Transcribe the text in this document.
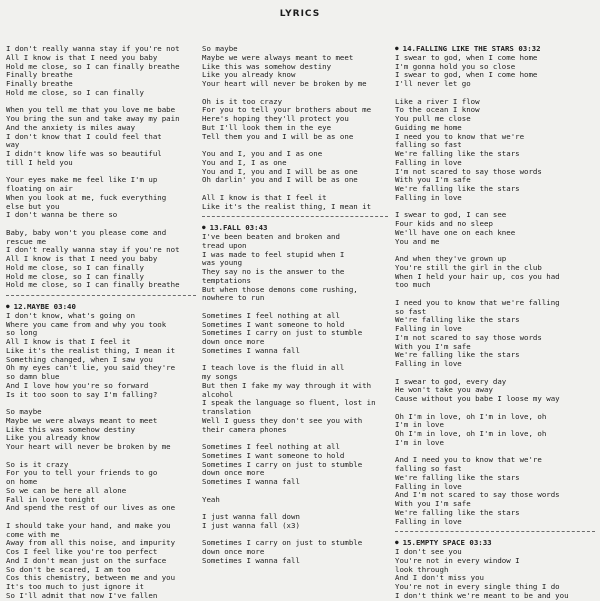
LYRICS
I don't really wanna stay if you're not
All I know is that I need you baby
Hold me close, so I can finally breathe
Finally breathe
Finally breathe
Hold me close, so I can finally
When you tell me that you love me babe
You bring the sun and take away my pain
And the anxiety is miles away
I don't know that I could feel that
way
I didn't know life was so beautiful
till I held you
Your eyes make me feel like I'm up
floating on air
When you look at me, fuck everything
else but you
I don't wanna be there so
Baby, baby won't you please come and
rescue me
I don't really wanna stay if you're not
All I know is that I need you baby
Hold me close, so I can finally
Hold me close, so I can finally
Hold me close, so I can finally breathe
● 12.MAYBE 03:40
I don't know, what's going on
Where you came from and why you took
so long
All I know is that I feel it
Like it's the realist thing, I mean it
Something changed, when I saw you
Oh my eyes can't lie, you said they're
so damn blue
And I love how you're so forward
Is it too soon to say I'm falling?
So maybe
Maybe we were always meant to meet
Like this was somehow destiny
Like you already know
Your heart will never be broken by me
So is it crazy
For you to tell your friends to go
on home
So we can be here all alone
Fall in love tonight
And spend the rest of our lives as one
I should take your hand, and make you
come with me
Away from all this noise, and impurity
Cos I feel like you're too perfect
And I don't mean just on the surface
So don't be scared, I am too
Cos this chemistry, between me and you
It's too much to just ignore it
So I'll admit that now I've fallen
So maybe
Maybe we were always meant to meet
Like this was somehow destiny
Like you already know
Your heart will never be broken by me
Oh is it too crazy
For you to tell your brothers about me
Here's hoping they'll protect you
But I'll look them in the eye
Tell them you and I will be as one
You and I, you and I as one
You and I, I as one
You and I, you and I will be as one
Oh darlin' you and I will be as one
All I know is that I feel it
Like it's the realist thing, I mean it
● 13.FALL 03:43
I've been beaten and broken and
tread upon
I was made to feel stupid when I
was young
They say no is the answer to the
temptations
But when those demons come rushing,
nowhere to run
Sometimes I feel nothing at all
Sometimes I want someone to hold
Sometimes I carry on just to stumble
down once more
Sometimes I wanna fall
I teach love is the fluid in all
my songs
But then I fake my way through it with
alcohol
I speak the language so fluent, lost in
translation
Well I guess they don't see you with
their camera phones
Sometimes I feel nothing at all
Sometimes I want someone to hold
Sometimes I carry on just to stumble
down once more
Sometimes I wanna fall
Yeah
I just wanna fall down
I just wanna fall (x3)
Sometimes I carry on just to stumble
down once more
Sometimes I wanna fall
● 14.FALLING LIKE THE STARS 03:32
I swear to god, when I come home
I'm gonna hold you so close
I swear to god, when I come home
I'll never let go
Like a river I flow
To the ocean I know
You pull me close
Guiding me home
I need you to know that we're
falling so fast
We're falling like the stars
Falling in love
I'm not scared to say those words
With you I'm safe
We're falling like the stars
Falling in love
I swear to god, I can see
Four kids and no sleep
We'll have one on each knee
You and me
And when they've grown up
You're still the girl in the club
When I held your hair up, cos you had
too much
I need you to know that we're falling
so fast
We're falling like the stars
Falling in love
I'm not scared to say those words
With you I'm safe
We're falling like the stars
Falling in love
I swear to god, every day
He won't take you away
Cause without you babe I loose my way
Oh I'm in love, oh I'm in love, oh
I'm in love
Oh I'm in love, oh I'm in love, oh
I'm in love
And I need you to know that we're
falling so fast
We're falling like the stars
Falling in love
And I'm not scared to say those words
With you I'm safe
We're falling like the stars
Falling in love
● 15.EMPTY SPACE 03:33
I don't see you
You're not in every window I
look through
And I don't miss you
You're not in every single thing I do
I don't think we're meant to be and you
